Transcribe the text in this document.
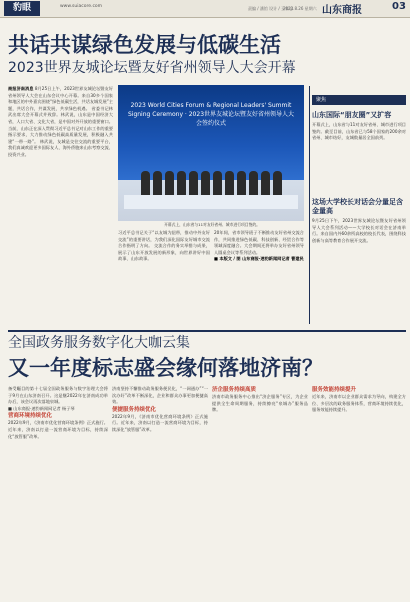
豹眼	www.suiacore.com	责编 / 潘馆 设计 / 王家忠
2023.8.26 星期六 山东商报	03
共话共谋绿色发展与低碳生活
2023世界友城论坛暨友好省州领导人大会开幕
商报济南消息 8月25日上午，2023世界友城论坛暨友好省州领导人大会在山东会议中心开幕。来自30多个国家和地区的中外嘉宾围绕“绿色低碳生活，共话友城发展”主题，共话合作，共谋发展，共享绿色机遇。 省委书记林武出席大会开幕式并致辞。林武说，山东是中国经济大省，人口大省、文化大省，是中国对外开放的重要窗口。当前，山东正在深入贯彻习近平总书记对山东工作的重要指示要求，大力推动绿色低碳高质量发展，积极融入共建“一带一路”。 林武说，友城是交往交流的重要平台，我们真诚欢迎更多国际友人、海外侨胞来山东考察交流、投资兴业。
2023 World Cities Forum & Regional Leaders' Summit Signing Ceremony · 2023世界友城论坛暨友好省州领导人大会签约仪式
开幕式上，山东省与11对友好省州、城市进行项目签约。
习近平总书记关于“以友城为纽带，推动中外友好交流”的重要讲话，为我们深化国际友好城市交流合作指明了方向。 交流合作的务实举措与成果，展示了山东开放发展的新形象，向世界讲好中国故事、山东故事。
20年间，省市领导班子不断推动友好省州交流合作，共同推进绿色低碳、科技创新、经贸合作等领域深度融合。大会期间还将举办友好省州领导人圆桌会议等系列活动。
■ 本版文 / 图 山东商报·速豹新闻网记者 曹建民
聚焦
山东国际“朋友圈”又扩容
开幕式上，山东省与11对友好省州、城市进行项目签约。截至目前，山东省已与58个国家的200余对省州、城市结好，友城数量居全国前列。
这场大学校长对话会分量足含金量高
9月25日下午，2023世界友城论坛暨友好省州领导人大会系列活动——大学校长对话会在济南举行。来自国内外60余所高校的校长代表，围绕科技创新与高等教育合作展开交流。
全国政务服务数字化大咖云集
又一年度标志盛会缘何落地济南？
备受瞩目的第十七届全国政务服务与数字治理大会将于9月在山东济南召开。这是继2022年在济南成功举办后，该会议再次落地泉城。
■ 山东商报·速豹新闻网记者 杨子琴

营商环境持续优化
2022年9月，《济南市优化营商环境条例》正式施行。近年来，济南以打造一流营商环境为目标，持续深化“放管服”改革。
济南坚持不懈推动政务服务便民化，“一网通办”“一次办好”改革不断深化，企业和群众办事更加便捷高效。

便捷服务持续优化
2022年9月，《济南市优化营商环境条例》正式施行。近年来，济南以打造一流营商环境为目标，持续深化“放管服”改革。
济企服务持续高质
济南市政务服务中心推出“济企服务”专区，为企业提供全生命周期服务，持续擦亮“泉城办”服务品牌。
服务效能持续提升
近年来，济南市以企业群众需求为导向，构建全方位、多层次的政务服务体系，营商环境持续优化，服务效能持续提升。
